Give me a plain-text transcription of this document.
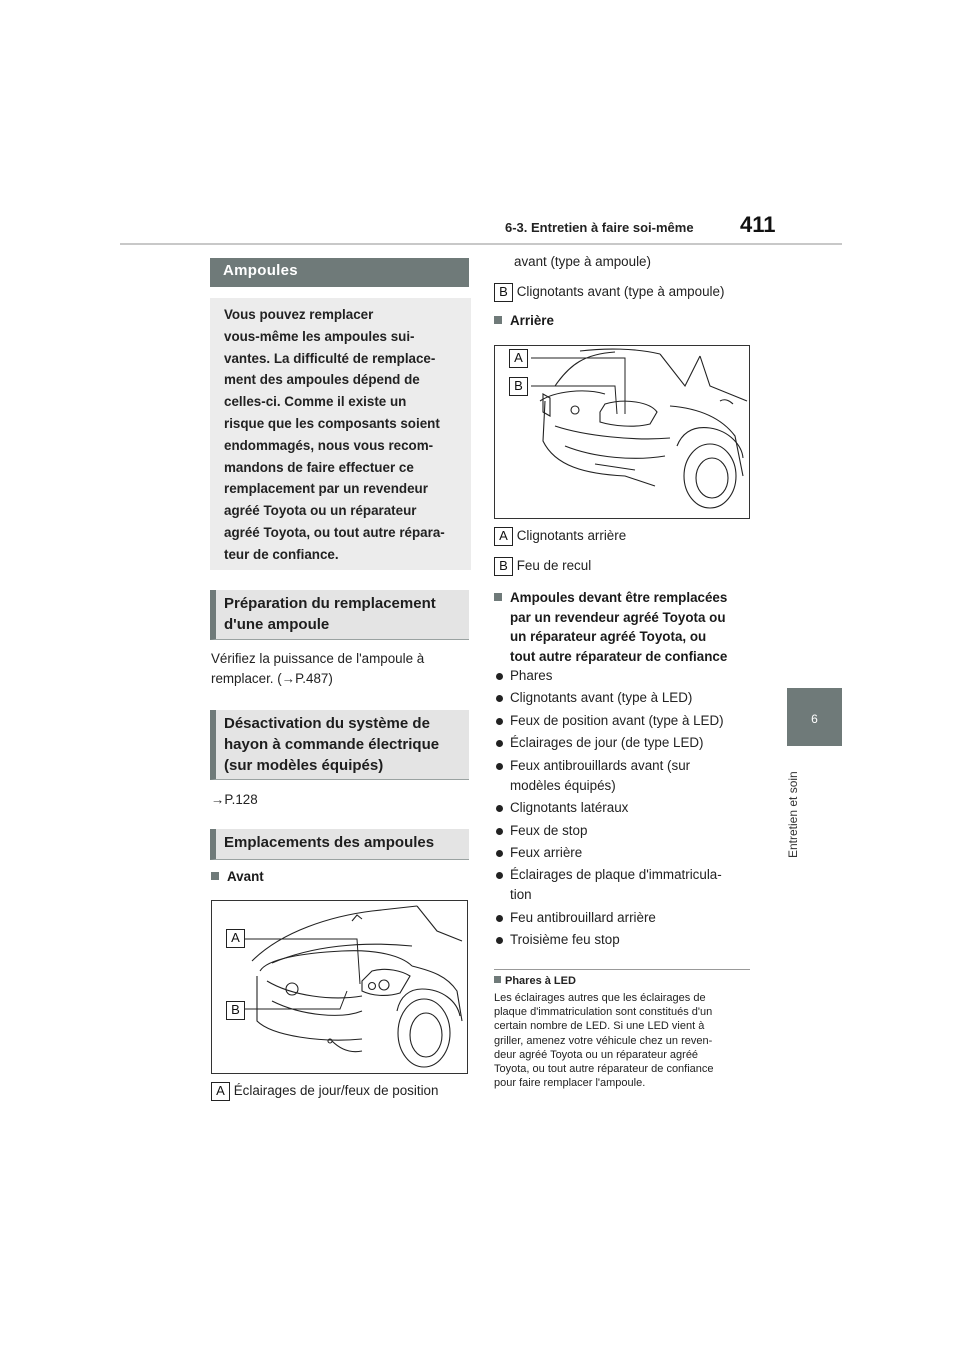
6-3. Entretien à faire soi-même 411
6
Entretien et soin
Ampoules
Vous pouvez remplacer
vous-même les ampoules sui-
vantes. La difficulté de remplace-
ment des ampoules dépend de
celles-ci. Comme il existe un
risque que les composants soient
endommagés, nous vous recom-
mandons de faire effectuer ce
remplacement par un revendeur
agréé Toyota ou un réparateur
agréé Toyota, ou tout autre répara-
teur de confiance.
Préparation du remplacement
d'une ampoule
Vérifiez la puissance de l'ampoule à
remplacer. (→P.487)
Désactivation du système de
hayon à commande électrique
(sur modèles équipés)
→P.128
Emplacements des ampoules
Avant
A
B
A Éclairages de jour/feux de position
avant (type à ampoule)
B Clignotants avant (type à ampoule)
Arrière
A
B
A Clignotants arrière
B Feu de recul
Ampoules devant être remplacées
par un revendeur agréé Toyota ou
un réparateur agréé Toyota, ou
tout autre réparateur de confiance
Phares
Clignotants avant (type à LED)
Feux de position avant (type à LED)
Éclairages de jour (de type LED)
Feux antibrouillards avant (sur
modèles équipés)
Clignotants latéraux
Feux de stop
Feux arrière
Éclairages de plaque d'immatricula-
tion
Feu antibrouillard arrière
Troisième feu stop
Phares à LED
Les éclairages autres que les éclairages de
plaque d'immatriculation sont constitués d'un
certain nombre de LED. Si une LED vient à
griller, amenez votre véhicule chez un reven-
deur agréé Toyota ou un réparateur agréé
Toyota, ou tout autre réparateur de confiance
pour faire remplacer l'ampoule.
